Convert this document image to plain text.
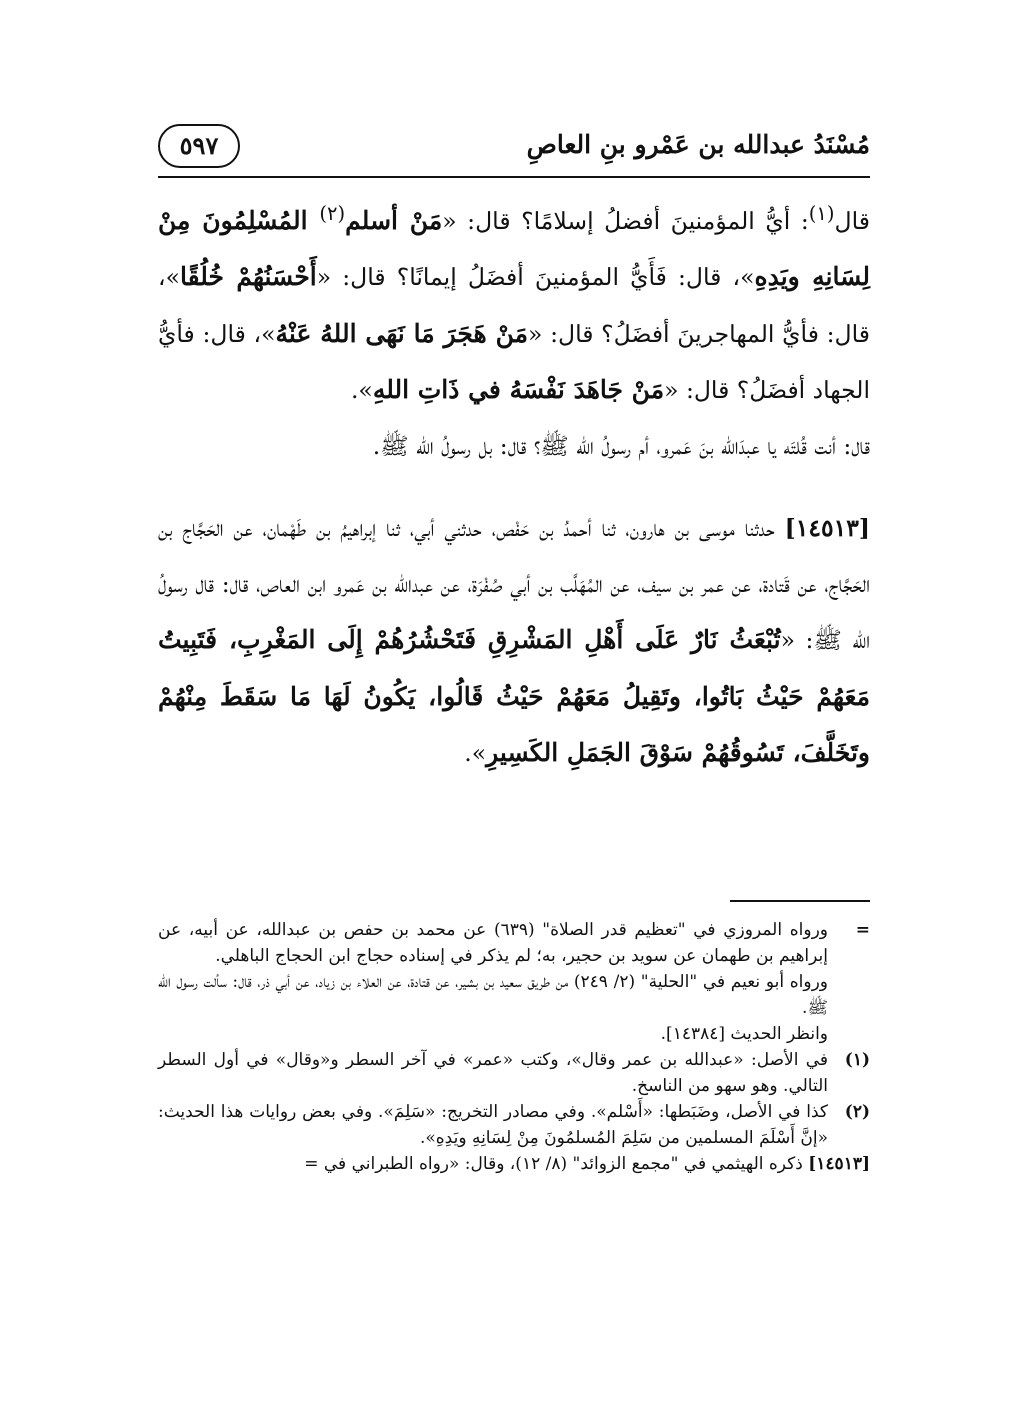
مُسْنَدُ عبدالله بن عَمْرو بنِ العاصِ
٥٩٧

قال$^{(١)}$: أيُّ المؤمنينَ أفضلُ إسلامًا؟ قال: «مَنْ أسلم$^{(٢)}$ المُسْلِمُونَ مِنْ لِسَانِهِ ويَدِهِ»، قال: فَأَيُّ المؤمنينَ أفضَلُ إيمانًا؟ قال: «أَحْسَنُهُمْ خُلُقًا»، قال: فأيُّ المهاجرينَ أفضَلُ؟ قال: «مَنْ هَجَرَ مَا نَهَى اللهُ عَنْهُ»، قال: فأيُّ الجهاد أفضَلُ؟ قال: «مَنْ جَاهَدَ نَفْسَهُ في ذَاتِ اللهِ».

قال: أنت قُلتَه يا عبدَالله بنَ عَمرو، أم رسولُ الله ﷺ؟ قال: بل رسولُ الله ﷺ.

[١٤٥١٣] حدثنا موسى بن هارون، ثنا أحمدُ بن حَفْص، حدثني أبي، ثنا إبراهيمُ بن طَهْمان، عن الحَجَّاج بن الحَجَّاج، عن قَتادة، عن عمر بن سيف، عن المُهَلَّب بن أبي صُفْرَة، عن عبدالله بن عَمرو ابن العاص، قال: قال رسولُ الله ﷺ: «تُبْعَثُ نَارٌ عَلَى أَهْلِ المَشْرِقِ فَتَحْشُرُهُمْ إِلَى المَغْرِبِ، فَتَبِيتُ مَعَهُمْ حَيْثُ بَاتُوا، وتَقِيلُ مَعَهُمْ حَيْثُ قَالُوا، يَكُونُ لَهَا مَا سَقَطَ مِنْهُمْ وتَخَلَّفَ، تَسُوقُهُمْ سَوْقَ الجَمَلِ الكَسِيرِ».

=
ورواه المروزي في "تعظيم قدر الصلاة" (٦٣٩) عن محمد بن حفص بن عبدالله، عن أبيه، عن إبراهيم بن طهمان عن سويد بن حجير، به؛ لم يذكر في إسناده حجاج ابن الحجاج الباهلي.
ورواه أبو نعيم في "الحلية" (٢/ ٢٤٩) من طريق سعيد بن بشير، عن قتادة، عن العلاء بن زياد، عن أبي ذر، قال: سألت رسول الله ﷺ.
وانظر الحديث [١٤٣٨٤].
(١)
في الأصل: «عبدالله بن عمر وقال»، وكتب «عمر» في آخر السطر و«وقال» في أول السطر التالي. وهو سهو من الناسخ.
(٢)
كذا في الأصل، وضَبَطها: «أَسْلم». وفي مصادر التخريج: «سَلِمَ». وفي بعض روايات هذا الحديث: «إنَّ أَسْلَمَ المسلمين من سَلِمَ المُسلمُونَ مِنْ لِسَانِهِ ويَدِهِ».
[١٤٥١٣] ذكره الهيثمي في "مجمع الزوائد" (٨/ ١٢)، وقال: «رواه الطبراني في =
